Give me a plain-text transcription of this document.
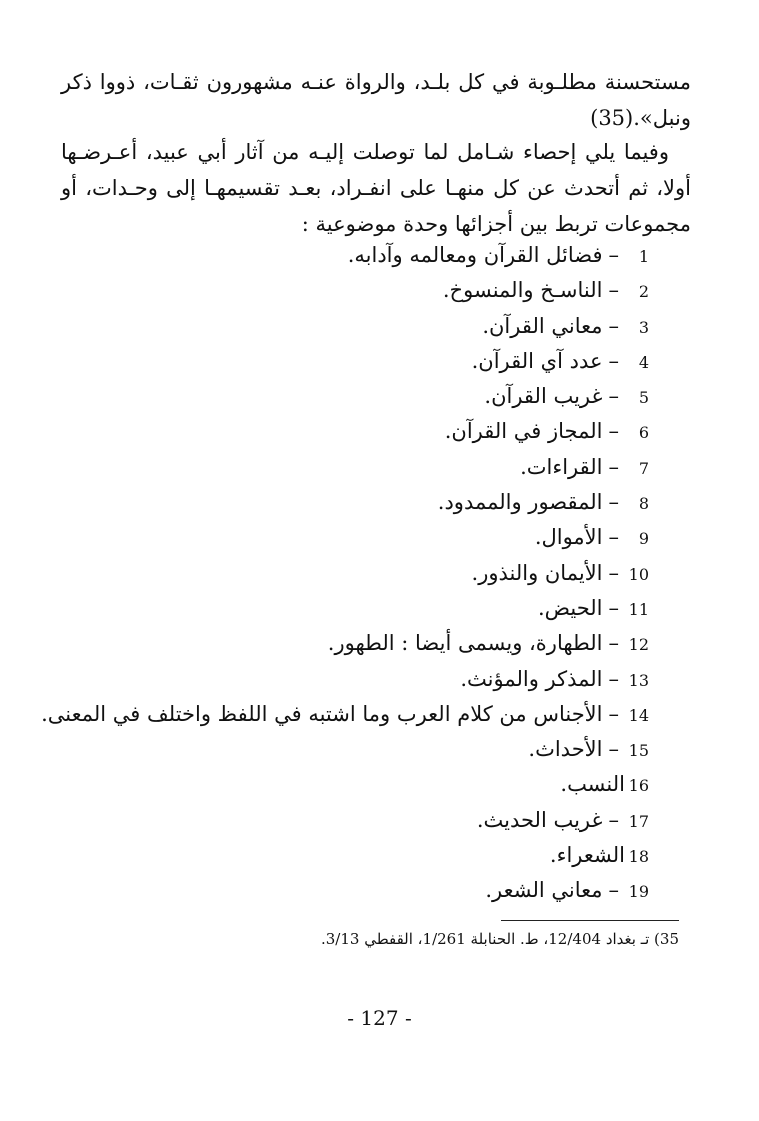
مستحسنة مطلـوبة في كل بلـد، والرواة عنـه مشهورون ثقـات، ذووا ذكر ونبل».(35)

وفيما يلي إحصاء شـامل لما توصلت إليـه من آثار أبي عبيد، أعـرضـها أولا، ثم أتحدث عن كل منهـا على انفـراد، بعـد تقسيمهـا إلى وحـدات، أو مجموعات تربط بين أجزائها وحدة موضوعية :

1–فضائل القرآن ومعالمه وآدابه.
2–الناسـخ والمنسوخ.
3–معاني القرآن.
4–عدد آي القرآن.
5–غريب القرآن.
6–المجاز في القرآن.
7–القراءات.
8–المقصور والممدود.
9–الأموال.
10–الأيمان والنذور.
11–الحيض.
12–الطهارة، ويسمى أيضا : الطهور.
13–المذكر والمؤنث.
14–الأجناس من كلام العرب وما اشتبه في اللفظ واختلف في المعنى.
15–الأحداث.
16النسب.
17–غريب الحديث.
18الشعراء.
19–معاني الشعر.
35) تـ بغداد 12/404، ط. الحنابلة 1/261، القفطي 3/13.
- 127 -
